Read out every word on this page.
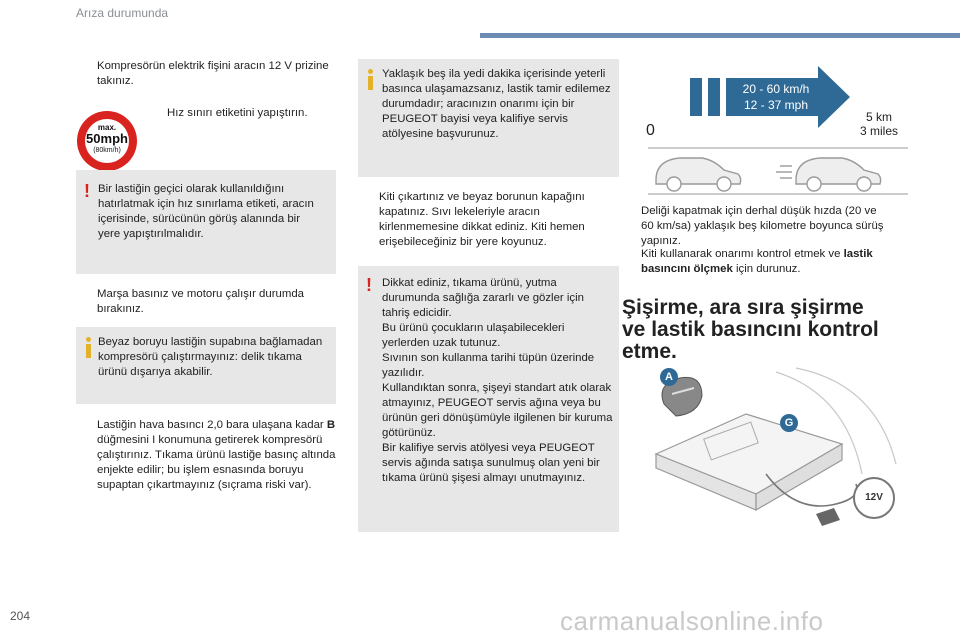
Arıza durumunda
Kompresörün elektrik fişini aracın 12 V prizine takınız.
max.
50mph
(80km/h)
Hız sınırı etiketini yapıştırın.
! Bir lastiğin geçici olarak kullanıldığını hatırlatmak için hız sınırlama etiketi, aracın içerisinde, sürücünün görüş alanında bir yere yapıştırılmalıdır.
Marşa basınız ve motoru çalışır durumda bırakınız.
Beyaz boruyu lastiğin supabına bağlamadan kompresörü çalıştırmayınız: delik tıkama ürünü dışarıya akabilir.
Lastiğin hava basıncı 2,0 bara ulaşana kadar B düğmesini I konumuna getirerek kompresörü çalıştırınız. Tıkama ürünü lastiğe basınç altında enjekte edilir; bu işlem esnasında boruyu supaptan çıkartmayınız (sıçrama riski var).
Yaklaşık beş ila yedi dakika içerisinde yeterli basınca ulaşamazsanız, lastik tamir edilemez durumdadır; aracınızın onarımı için bir PEUGEOT bayisi veya kalifiye servis atölyesine başvurunuz.
Kiti çıkartınız ve beyaz borunun kapağını kapatınız. Sıvı lekeleriyle aracın kirlenmemesine dikkat ediniz. Kiti hemen erişebileceğiniz bir yere koyunuz.
! Dikkat ediniz, tıkama ürünü, yutma durumunda sağlığa zararlı ve gözler için tahriş edicidir.
Bu ürünü çocukların ulaşabilecekleri yerlerden uzak tutunuz.
Sıvının son kullanma tarihi tüpün üzerinde yazılıdır.
Kullandıktan sonra, şişeyi standart atık olarak atmayınız, PEUGEOT servis ağına veya bu ürünün geri dönüşümüyle ilgilenen bir kuruma götürünüz.
Bir kalifiye servis atölyesi veya PEUGEOT servis ağında satışa sunulmuş olan yeni bir tıkama ürünü şişesi almayı unutmayınız.
20 - 60 km/h
12 - 37 mph
0
5 km
3 miles
Deliği kapatmak için derhal düşük hızda (20 ve 60 km/sa) yaklaşık beş kilometre boyunca sürüş yapınız.
Kiti kullanarak onarımı kontrol etmek ve lastik basıncını ölçmek için durunuz.
Şişirme, ara sıra şişirme
ve lastik basıncını kontrol
etme.
A
G
12V
204	carmanualsonline.info
